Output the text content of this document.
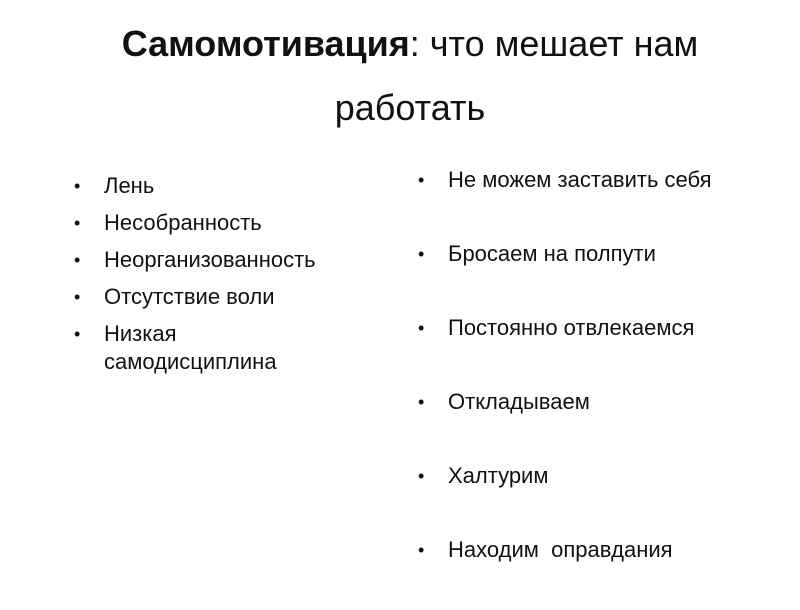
Самомотивация: что мешает нам
работать
• Лень
• Несобранность
• Неорганизованность
• Отсутствие воли
• Низкая самодисциплина
• Не можем заставить себя
• Бросаем на полпути
• Постоянно отвлекаемся
• Откладываем
• Халтурим
• Находим  оправдания
